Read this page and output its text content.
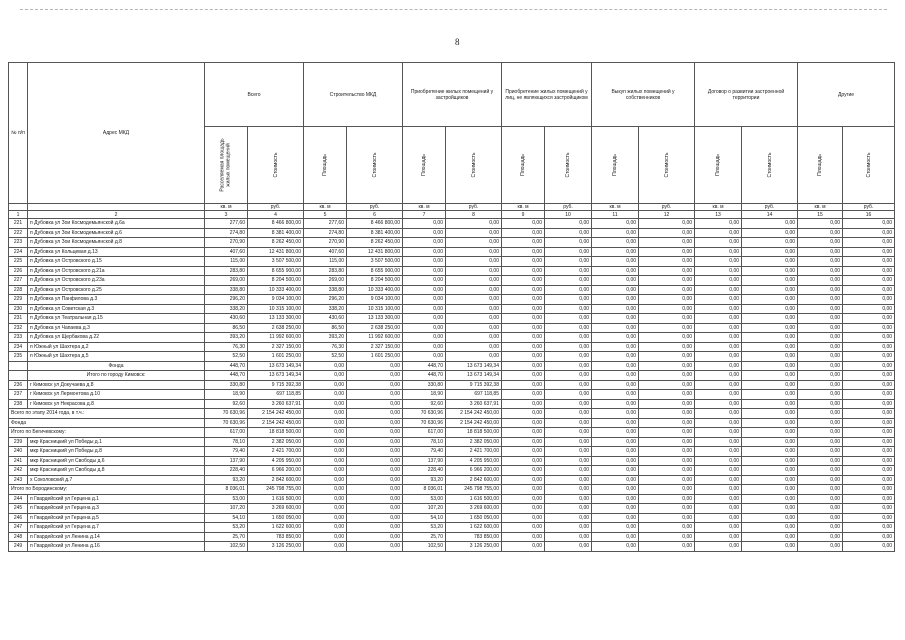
8
№ п/п	Адрес МКД	Всего		Строительство МКД		Приобретение жилых помещений у застройщиков		Приобретение жилых помещений у лиц, не являющихся застройщиком		Выкуп жилых помещений у собственников		Договор о развитии застроенной территории		Другие	

		Расселяемая площадь жилых помещений	Стоимость	Площадь	Стоимость	Площадь	Стоимость	Площадь	Стоимость	Площадь	Стоимость	Площадь	Стоимость	Площадь	Стоимость

		кв. м	руб.	кв. м	руб.	кв. м	руб.	кв. м	руб.	кв. м	руб.	кв. м	руб.	кв. м	руб.
1	2	3	4	5	6	7	8	9	10	11	12	13	14	15	16
221	п Дубовка ул Зои Космодемьянской д.6а	277,60	8 466 800,00	277,60	8 466 800,00	0,00	0,00	0,00	0,00	0,00	0,00	0,00	0,00	0,00	0,00
222	п Дубовка ул Зои Космодемьянской д.6	274,80	8 381 400,00	274,80	8 381 400,00	0,00	0,00	0,00	0,00	0,00	0,00	0,00	0,00	0,00	0,00
223	п Дубовка ул Зои Космодемьянской д.8	270,90	8 262 450,00	270,90	8 262 450,00	0,00	0,00	0,00	0,00	0,00	0,00	0,00	0,00	0,00	0,00
224	п Дубовка ул Кольцевая д.13	407,60	12 431 800,00	407,60	12 431 800,00	0,00	0,00	0,00	0,00	0,00	0,00	0,00	0,00	0,00	0,00
225	п Дубовка ул Островского д.15	115,00	3 507 500,00	115,00	3 507 500,00	0,00	0,00	0,00	0,00	0,00	0,00	0,00	0,00	0,00	0,00
226	п Дубовка ул Островского д.21а	283,80	8 655 900,00	283,80	8 655 900,00	0,00	0,00	0,00	0,00	0,00	0,00	0,00	0,00	0,00	0,00
227	п Дубовка ул Островского д.23а	269,00	8 204 500,00	269,00	8 204 500,00	0,00	0,00	0,00	0,00	0,00	0,00	0,00	0,00	0,00	0,00
228	п Дубовка ул Островского д.25	338,80	10 333 400,00	338,80	10 333 400,00	0,00	0,00	0,00	0,00	0,00	0,00	0,00	0,00	0,00	0,00
229	п Дубовка ул Панфилова д.3	296,20	9 034 100,00	296,20	9 034 100,00	0,00	0,00	0,00	0,00	0,00	0,00	0,00	0,00	0,00	0,00
230	п Дубовка ул Советская д.3	338,20	10 315 100,00	338,20	10 315 100,00	0,00	0,00	0,00	0,00	0,00	0,00	0,00	0,00	0,00	0,00
231	п Дубовка ул Театральная д.15	430,60	13 133 300,00	430,60	13 133 300,00	0,00	0,00	0,00	0,00	0,00	0,00	0,00	0,00	0,00	0,00
232	п Дубовка ул Чапаева д.3	86,50	2 638 250,00	86,50	2 638 250,00	0,00	0,00	0,00	0,00	0,00	0,00	0,00	0,00	0,00	0,00
233	п Дубовка ул Щербакова д.22	393,20	11 992 600,00	393,20	11 992 600,00	0,00	0,00	0,00	0,00	0,00	0,00	0,00	0,00	0,00	0,00
234	п Южный ул Шахтера д.2	76,30	2 327 150,00	76,30	2 327 150,00	0,00	0,00	0,00	0,00	0,00	0,00	0,00	0,00	0,00	0,00
235	п Южный ул Шахтера д.5	52,50	1 601 250,00	52,50	1 601 250,00	0,00	0,00	0,00	0,00	0,00	0,00	0,00	0,00	0,00	0,00
	Фонда	448,70	13 673 149,34	0,00	0,00	448,70	13 673 149,34	0,00	0,00	0,00	0,00	0,00	0,00	0,00	0,00
	Итого по городу Кимовск:	448,70	13 673 149,34	0,00	0,00	448,70	13 673 149,34	0,00	0,00	0,00	0,00	0,00	0,00	0,00	0,00
236	г Кимовск ул Докучаева д.8	330,80	9 715 392,38	0,00	0,00	330,80	9 715 392,38	0,00	0,00	0,00	0,00	0,00	0,00	0,00	0,00
237	г Кимовск ул Лермонтова д.10	18,90	697 118,85	0,00	0,00	18,90	697 118,85	0,00	0,00	0,00	0,00	0,00	0,00	0,00	0,00
238	г Кимовск ул Некрасова д.8	92,60	3 260 637,91	0,00	0,00	92,60	3 260 637,91	0,00	0,00	0,00	0,00	0,00	0,00	0,00	0,00
Всего по этапу 2014 года, в т.ч.:		70 630,96	2 154 242 450,00	0,00	0,00	70 630,96	2 154 242 450,00	0,00	0,00	0,00	0,00	0,00	0,00	0,00	0,00
Фонда		70 630,96	2 154 242 450,00	0,00	0,00	70 630,96	2 154 242 450,00	0,00	0,00	0,00	0,00	0,00	0,00	0,00	0,00
Итого по Бегичевскому:		617,00	18 818 500,00	0,00	0,00	617,00	18 818 500,00	0,00	0,00	0,00	0,00	0,00	0,00	0,00	0,00
239	мкр Красницкий ул Победы д.1	78,10	2 382 050,00	0,00	0,00	78,10	2 382 050,00	0,00	0,00	0,00	0,00	0,00	0,00	0,00	0,00
240	мкр Красницкий ул Победы д.8	79,40	2 421 700,00	0,00	0,00	79,40	2 421 700,00	0,00	0,00	0,00	0,00	0,00	0,00	0,00	0,00
241	мкр Красницкий ул Свободы д.6	137,90	4 205 950,00	0,00	0,00	137,90	4 205 950,00	0,00	0,00	0,00	0,00	0,00	0,00	0,00	0,00
242	мкр Красницкий ул Свободы д.8	228,40	6 966 200,00	0,00	0,00	228,40	6 966 200,00	0,00	0,00	0,00	0,00	0,00	0,00	0,00	0,00
243	х Соколовский д.7	93,20	2 842 600,00	0,00	0,00	93,20	2 842 600,00	0,00	0,00	0,00	0,00	0,00	0,00	0,00	0,00
Итого по Бородинскому:		8 036,01	245 798 755,00	0,00	0,00	8 036,01	245 798 755,00	0,00	0,00	0,00	0,00	0,00	0,00	0,00	0,00
244	п Гвардейский ул Герцена д.1	53,00	1 616 500,00	0,00	0,00	53,00	1 616 500,00	0,00	0,00	0,00	0,00	0,00	0,00	0,00	0,00
245	п Гвардейский ул Герцена д.3	107,20	3 269 600,00	0,00	0,00	107,20	3 269 600,00	0,00	0,00	0,00	0,00	0,00	0,00	0,00	0,00
246	п Гвардейский ул Герцена д.5	54,10	1 650 050,00	0,00	0,00	54,10	1 650 050,00	0,00	0,00	0,00	0,00	0,00	0,00	0,00	0,00
247	п Гвардейский ул Герцена д.7	53,20	1 622 600,00	0,00	0,00	53,20	1 622 600,00	0,00	0,00	0,00	0,00	0,00	0,00	0,00	0,00
248	п Гвардейский ул Ленина д.14	25,70	783 850,00	0,00	0,00	25,70	783 850,00	0,00	0,00	0,00	0,00	0,00	0,00	0,00	0,00
249	п Гвардейский ул Ленина д.16	102,50	3 126 250,00	0,00	0,00	102,50	3 126 250,00	0,00	0,00	0,00	0,00	0,00	0,00	0,00	0,00
